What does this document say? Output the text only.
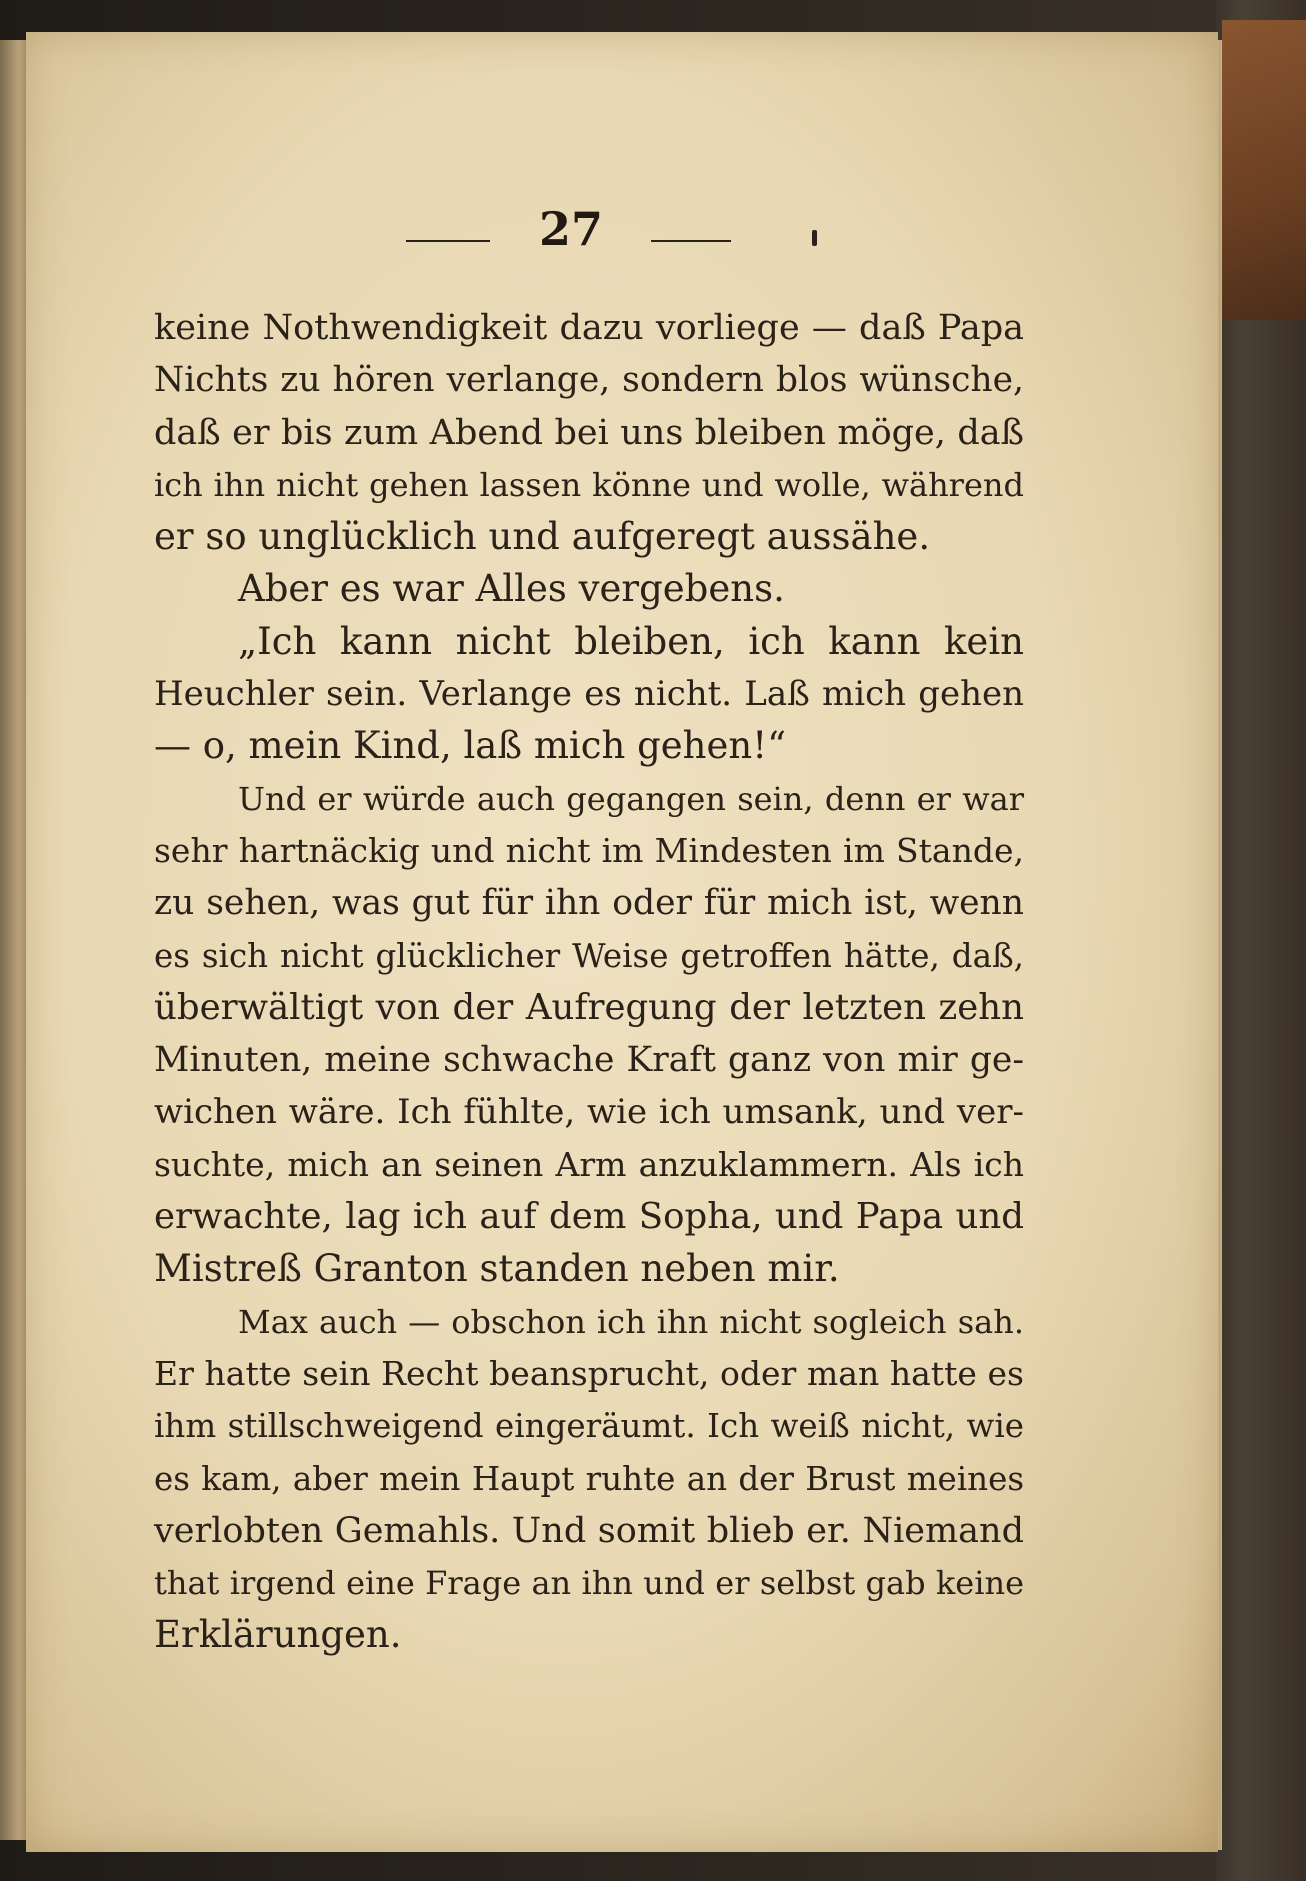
27
keine Nothwendigkeit dazu vorliege — daß Papa
Nichts zu hören verlange, sondern blos wünsche,
daß er bis zum Abend bei uns bleiben möge, daß
ich ihn nicht gehen lassen könne und wolle, während
er so unglücklich und aufgeregt aussähe.
Aber es war Alles vergebens.
„Ich kann nicht bleiben, ich kann kein
Heuchler sein. Verlange es nicht. Laß mich gehen
— o, mein Kind, laß mich gehen!“
Und er würde auch gegangen sein, denn er war
sehr hartnäckig und nicht im Mindesten im Stande,
zu sehen, was gut für ihn oder für mich ist, wenn
es sich nicht glücklicher Weise getroffen hätte, daß,
überwältigt von der Aufregung der letzten zehn
Minuten, meine schwache Kraft ganz von mir ge-
wichen wäre. Ich fühlte, wie ich umsank, und ver-
suchte, mich an seinen Arm anzuklammern. Als ich
erwachte, lag ich auf dem Sopha, und Papa und
Mistreß Granton standen neben mir.
Max auch — obschon ich ihn nicht sogleich sah.
Er hatte sein Recht beansprucht, oder man hatte es
ihm stillschweigend eingeräumt. Ich weiß nicht, wie
es kam, aber mein Haupt ruhte an der Brust meines
verlobten Gemahls. Und somit blieb er. Niemand
that irgend eine Frage an ihn und er selbst gab keine
Erklärungen.
